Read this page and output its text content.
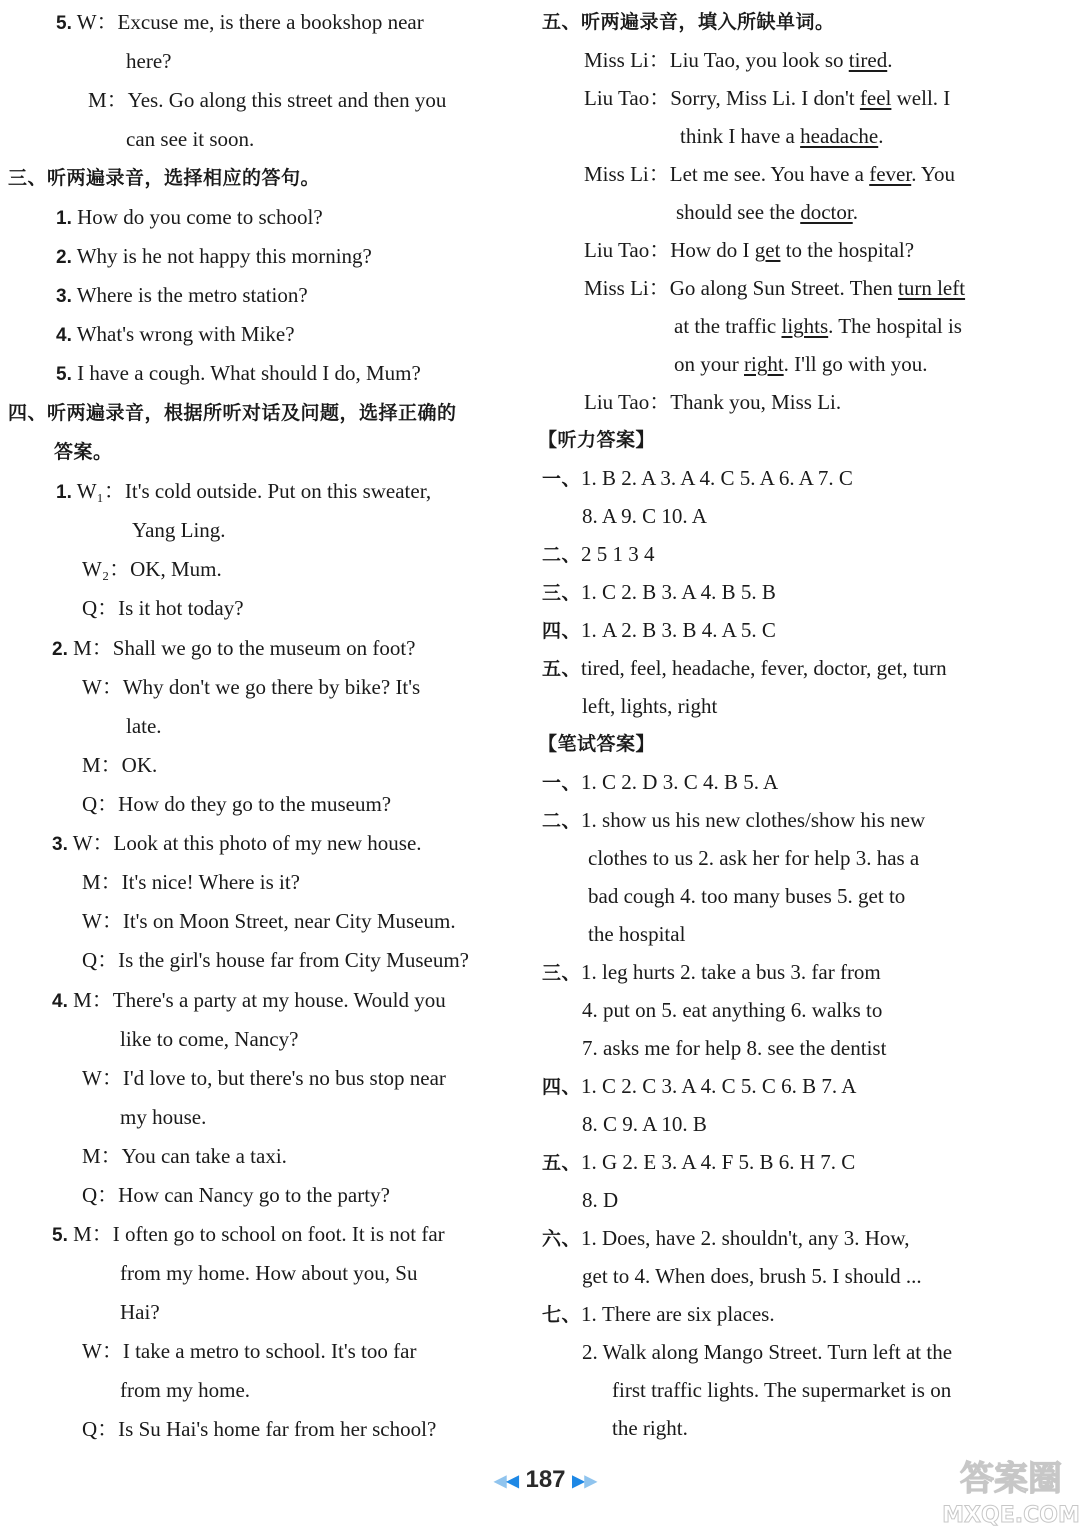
5. W：Excuse me, is there a bookshop near
here?
M：Yes. Go along this street and then you
can see it soon.
三、听两遍录音，选择相应的答句。
1. How do you come to school?
2. Why is he not happy this morning?
3. Where is the metro station?
4. What's wrong with Mike?
5. I have a cough. What should I do, Mum?
四、听两遍录音，根据所听对话及问题，选择正确的
答案。
1. W₁：It's cold outside. Put on this sweater,
Yang Ling.
W₂：OK, Mum.
Q：Is it hot today?
2. M：Shall we go to the museum on foot?
W：Why don't we go there by bike? It's
late.
M：OK.
Q：How do they go to the museum?
3. W：Look at this photo of my new house.
M：It's nice! Where is it?
W：It's on Moon Street, near City Museum.
Q：Is the girl's house far from City Museum?
4. M：There's a party at my house. Would you
like to come, Nancy?
W：I'd love to, but there's no bus stop near
my house.
M：You can take a taxi.
Q：How can Nancy go to the party?
5. M：I often go to school on foot. It is not far
from my home. How about you, Su
Hai?
W：I take a metro to school. It's too far
from my home.
Q：Is Su Hai's home far from her school?
五、听两遍录音，填入所缺单词。
Miss Li：Liu Tao, you look so tired.
Liu Tao：Sorry, Miss Li. I don't feel well. I
think I have a headache.
Miss Li：Let me see. You have a fever. You
should see the doctor.
Liu Tao：How do I get to the hospital?
Miss Li：Go along Sun Street. Then turn left
at the traffic lights. The hospital is
on your right. I'll go with you.
Liu Tao：Thank you, Miss Li.
【听力答案】
一、1. B 2. A 3. A 4. C 5. A 6. A 7. C
8. A 9. C 10. A
二、2 5 1 3 4
三、1. C 2. B 3. A 4. B 5. B
四、1. A 2. B 3. B 4. A 5. C
五、tired, feel, headache, fever, doctor, get, turn
left, lights, right
【笔试答案】
一、1. C 2. D 3. C 4. B 5. A
二、1. show us his new clothes/show his new
clothes to us 2. ask her for help 3. has a
bad cough 4. too many buses 5. get to
the hospital
三、1. leg hurts 2. take a bus 3. far from
4. put on 5. eat anything 6. walks to
7. asks me for help 8. see the dentist
四、1. C 2. C 3. A 4. C 5. C 6. B 7. A
8. C 9. A 10. B
五、1. G 2. E 3. A 4. F 5. B 6. H 7. C
8. D
六、1. Does, have 2. shouldn't, any 3. How,
get to 4. When does, brush 5. I should ...
七、1. There are six places.
2. Walk along Mango Street. Turn left at the
first traffic lights. The supermarket is on
the right.
◀◀ 187 ▶▶	答案圈
MXQE.COM
